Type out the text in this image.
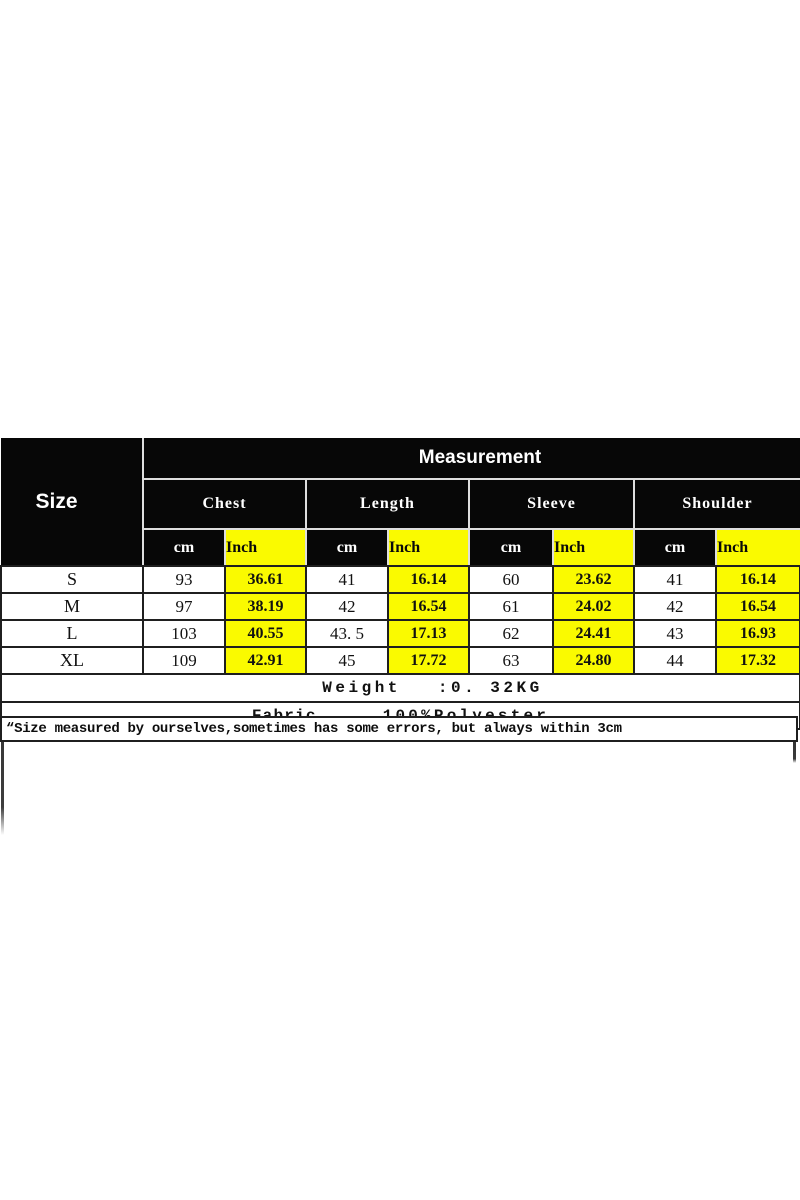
Size	Measurement							
	Chest		Length		Sleeve		Shoulder	
	cm	Inch	cm	Inch	cm	Inch	cm	Inch
S	93	36.61	41	16.14	60	23.62	41	16.14
M	97	38.19	42	16.54	61	24.02	42	16.54
L	103	40.55	43. 5	17.13	62	24.41	43	16.93
XL	109	42.91	45	17.72	63	24.80	44	17.32

Weight :0. 32KG								

“Size measured by ourselves,sometimes has some errors, but always within 3cm
